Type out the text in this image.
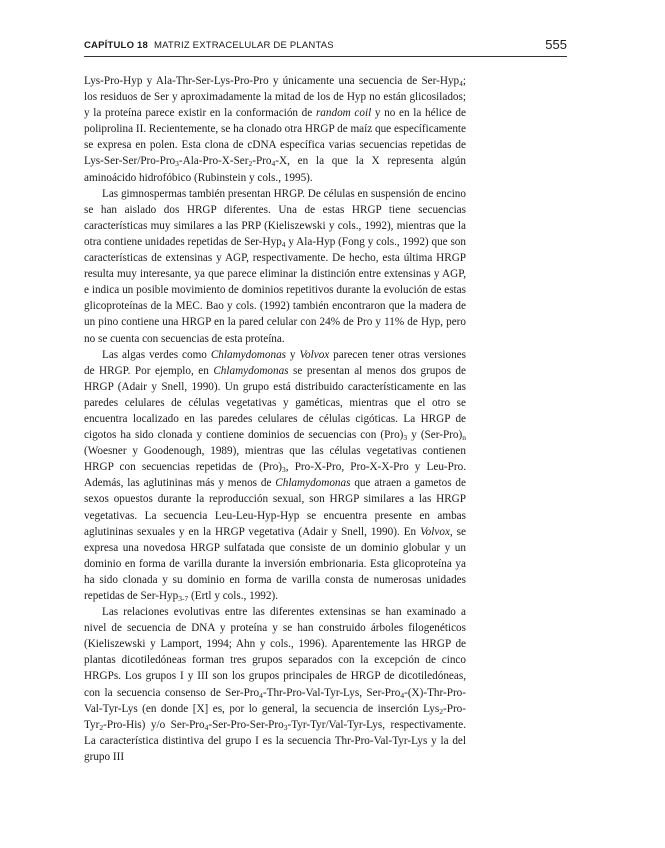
CAPÍTULO 18 MATRIZ EXTRACELULAR DE PLANTAS	555

Lys-Pro-Hyp y Ala-Thr-Ser-Lys-Pro-Pro y únicamente una secuencia de Ser-Hyp$_4$; los residuos de Ser y aproximadamente la mitad de los de Hyp no están glicosilados; y la proteína parece existir en la conformación de random coil y no en la hélice de poliprolina II. Recientemente, se ha clonado otra HRGP de maíz que específicamente se expresa en polen. Esta clona de cDNA específica varias secuencias repetidas de Lys-Ser-Ser/Pro-Pro$_3$-Ala-Pro-X-Ser$_2$-Pro$_4$-X, en la que la X representa algún aminoácido hidrofóbico (Rubinstein y cols., 1995).

Las gimnospermas también presentan HRGP. De células en suspensión de encino se han aislado dos HRGP diferentes. Una de estas HRGP tiene secuencias características muy similares a las PRP (Kieliszewski y cols., 1992), mientras que la otra contiene unidades repetidas de Ser-Hyp$_4$ y Ala-Hyp (Fong y cols., 1992) que son características de extensinas y AGP, respectivamente. De hecho, esta última HRGP resulta muy interesante, ya que parece eliminar la distinción entre extensinas y AGP, e indica un posible movimiento de dominios repetitivos durante la evolución de estas glicoproteínas de la MEC. Bao y cols. (1992) también encontraron que la madera de un pino contiene una HRGP en la pared celular con 24% de Pro y 11% de Hyp, pero no se cuenta con secuencias de esta proteína.

Las algas verdes como Chlamydomonas y Volvox parecen tener otras versiones de HRGP. Por ejemplo, en Chlamydomonas se presentan al menos dos grupos de HRGP (Adair y Snell, 1990). Un grupo está distribuido característicamente en las paredes celulares de células vegetativas y gaméticas, mientras que el otro se encuentra localizado en las paredes celulares de células cigóticas. La HRGP de cigotos ha sido clonada y contiene dominios de secuencias con $(Pro)_3$ y $(Ser-Pro)_n$ (Woesner y Goodenough, 1989), mientras que las células vegetativas contienen HRGP con secuencias repetidas de $(Pro)_3$, Pro-X-Pro, Pro-X-X-Pro y Leu-Pro. Además, las aglutininas más y menos de Chlamydomonas que atraen a gametos de sexos opuestos durante la reproducción sexual, son HRGP similares a las HRGP vegetativas. La secuencia Leu-Leu-Hyp-Hyp se encuentra presente en ambas aglutininas sexuales y en la HRGP vegetativa (Adair y Snell, 1990). En Volvox, se expresa una novedosa HRGP sulfatada que consiste de un dominio globular y un dominio en forma de varilla durante la inversión embrionaria. Esta glicoproteína ya ha sido clonada y su dominio en forma de varilla consta de numerosas unidades repetidas de Ser-Hyp$_{3-7}$ (Ertl y cols., 1992).

Las relaciones evolutivas entre las diferentes extensinas se han examinado a nivel de secuencia de DNA y proteína y se han construido árboles filogenéticos (Kieliszewski y Lamport, 1994; Ahn y cols., 1996). Aparentemente las HRGP de plantas dicotiledóneas forman tres grupos separados con la excepción de cinco HRGPs. Los grupos I y III son los grupos principales de HRGP de dicotiledóneas, con la secuencia consenso de Ser-Pro$_4$-Thr-Pro-Val-Tyr-Lys, Ser-Pro$_4$-(X)-Thr-Pro-Val-Tyr-Lys (en donde [X] es, por lo general, la secuencia de inserción Lys$_2$-Pro-Tyr$_2$-Pro-His) y/o Ser-Pro$_4$-Ser-Pro-Ser-Pro$_3$-Tyr-Tyr/Val-Tyr-Lys, respectivamente. La característica distintiva del grupo I es la secuencia Thr-Pro-Val-Tyr-Lys y la del grupo III
